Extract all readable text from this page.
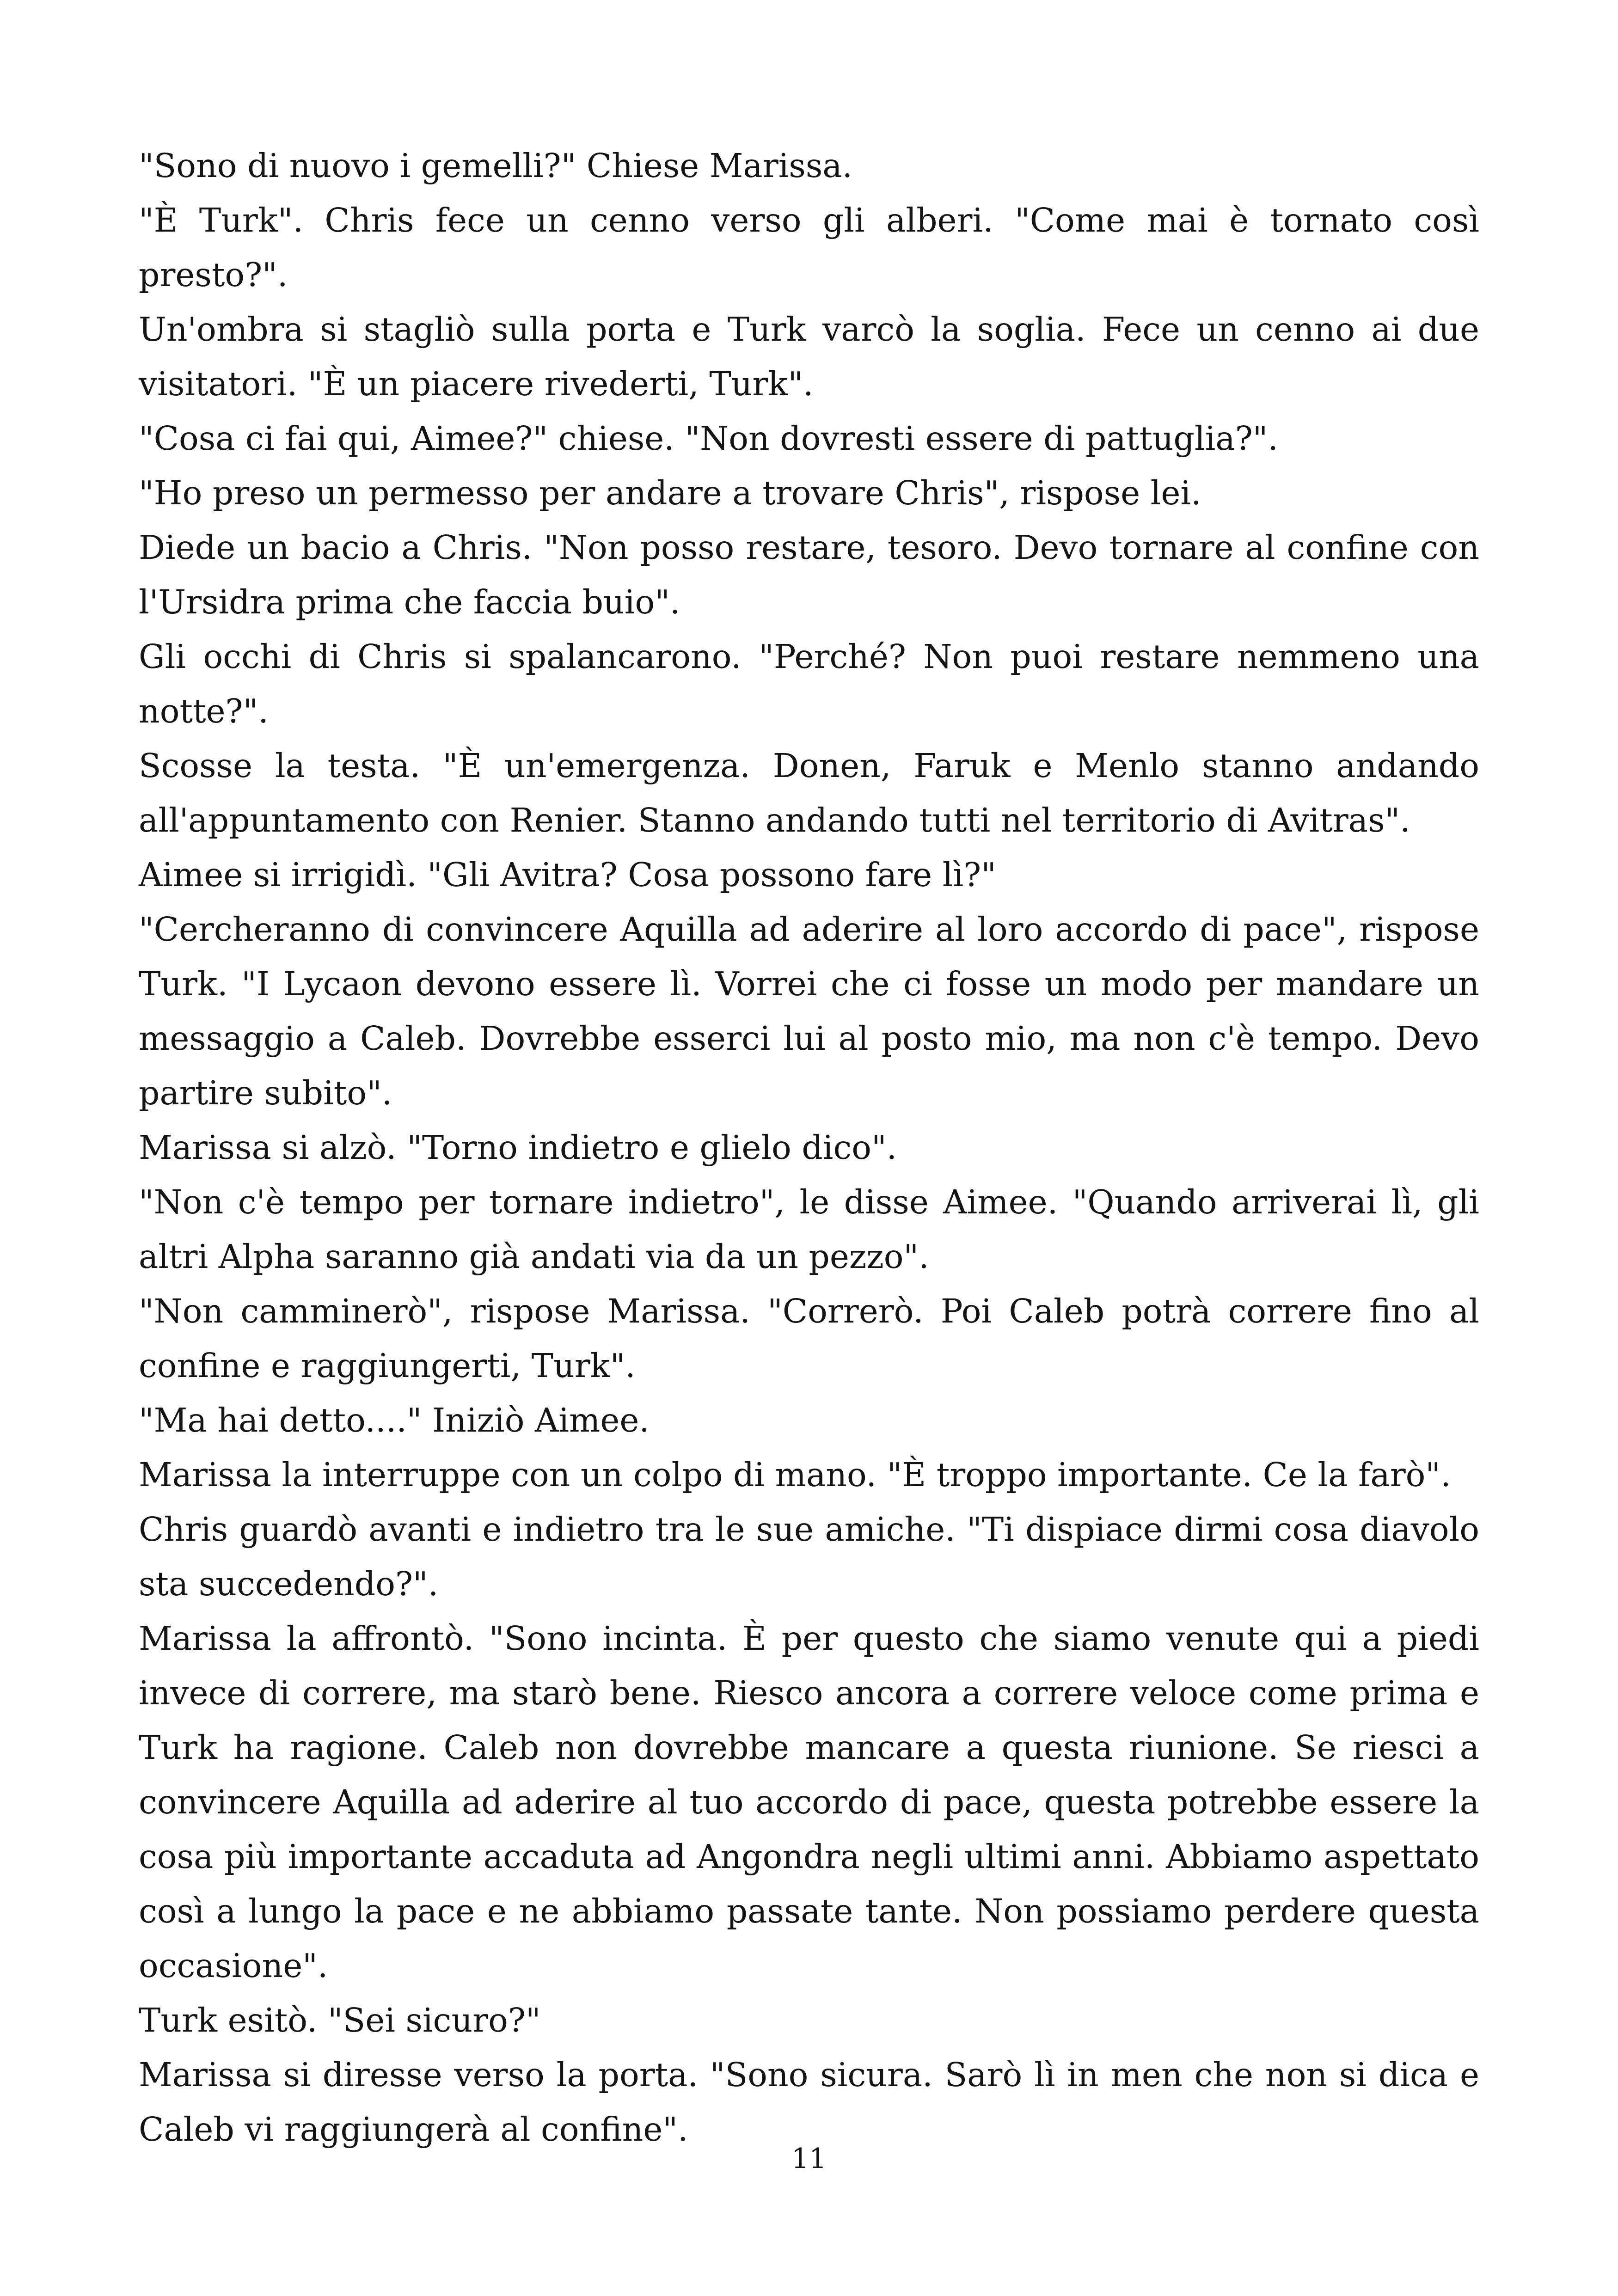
"Sono di nuovo i gemelli?" Chiese Marissa.

"È Turk". Chris fece un cenno verso gli alberi. "Come mai è tornato così presto?".

Un'ombra si stagliò sulla porta e Turk varcò la soglia. Fece un cenno ai due visitatori. "È un piacere rivederti, Turk".

"Cosa ci fai qui, Aimee?" chiese. "Non dovresti essere di pattuglia?".

"Ho preso un permesso per andare a trovare Chris", rispose lei.

Diede un bacio a Chris. "Non posso restare, tesoro. Devo tornare al confine con l'Ursidra prima che faccia buio".

Gli occhi di Chris si spalancarono. "Perché? Non puoi restare nemmeno una notte?".

Scosse la testa. "È un'emergenza. Donen, Faruk e Menlo stanno andando all'appuntamento con Renier. Stanno andando tutti nel territorio di Avitras".

Aimee si irrigidì. "Gli Avitra? Cosa possono fare lì?"

"Cercheranno di convincere Aquilla ad aderire al loro accordo di pace", rispose Turk. "I Lycaon devono essere lì. Vorrei che ci fosse un modo per mandare un messaggio a Caleb. Dovrebbe esserci lui al posto mio, ma non c'è tempo. Devo partire subito".

Marissa si alzò. "Torno indietro e glielo dico".

"Non c'è tempo per tornare indietro", le disse Aimee. "Quando arriverai lì, gli altri Alpha saranno già andati via da un pezzo".

"Non camminerò", rispose Marissa. "Correrò. Poi Caleb potrà correre fino al confine e raggiungerti, Turk".

"Ma hai detto...." Iniziò Aimee.

Marissa la interruppe con un colpo di mano. "È troppo importante. Ce la farò".

Chris guardò avanti e indietro tra le sue amiche. "Ti dispiace dirmi cosa diavolo sta succedendo?".

Marissa la affrontò. "Sono incinta. È per questo che siamo venute qui a piedi invece di correre, ma starò bene. Riesco ancora a correre veloce come prima e Turk ha ragione. Caleb non dovrebbe mancare a questa riunione. Se riesci a convincere Aquilla ad aderire al tuo accordo di pace, questa potrebbe essere la cosa più importante accaduta ad Angondra negli ultimi anni. Abbiamo aspettato così a lungo la pace e ne abbiamo passate tante. Non possiamo perdere questa occasione".

Turk esitò. "Sei sicuro?"

Marissa si diresse verso la porta. "Sono sicura. Sarò lì in men che non si dica e Caleb vi raggiungerà al confine".

11
